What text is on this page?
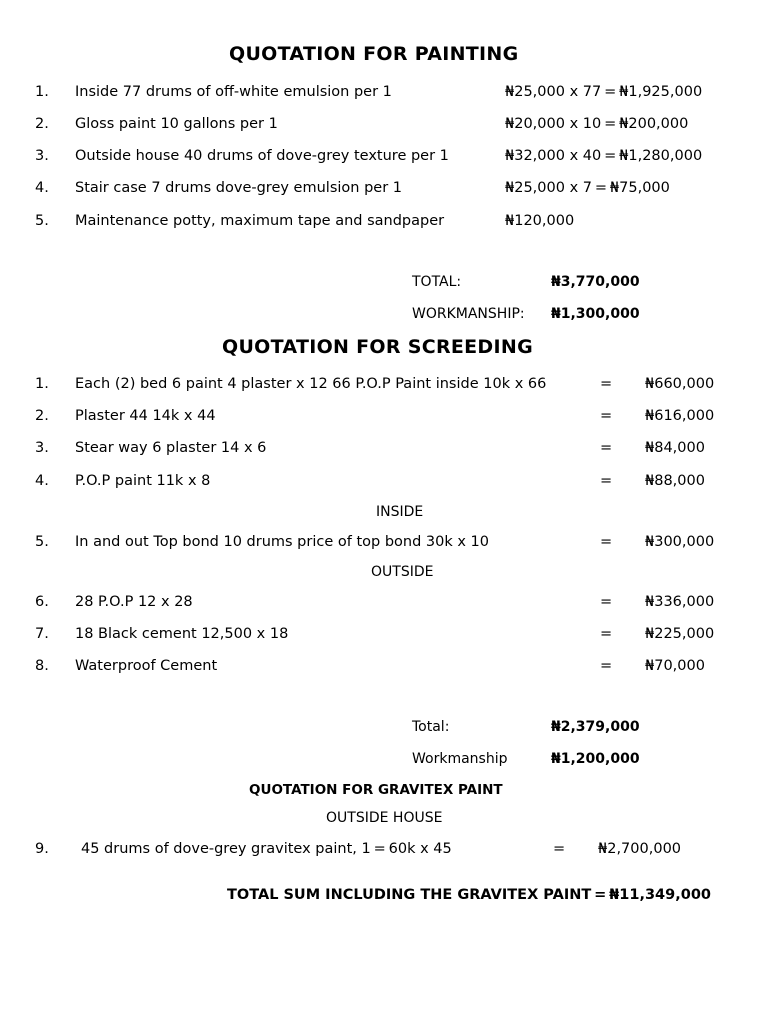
QUOTATION FOR PAINTING
1. Inside 77 drums of off-white emulsion per 1	₦25,000 x 77 = ₦1,925,000
2. Gloss paint 10 gallons per 1	₦20,000 x 10 = ₦200,000
3. Outside house 40 drums of dove-grey texture per 1	₦32,000 x 40 = ₦1,280,000
4. Stair case 7 drums dove-grey emulsion per 1	₦25,000 x 7 = ₦75,000
5. Maintenance potty, maximum tape and sandpaper	₦120,000
TOTAL:	₦3,770,000
WORKMANSHIP: ₦1,300,000
QUOTATION FOR SCREEDING
1. Each (2) bed 6 paint 4 plaster x 12 66 P.O.P Paint inside 10k x 66	= ₦660,000
2. Plaster 44 14k x 44	= ₦616,000
3. Stear way 6 plaster 14 x 6	= ₦84,000
4. P.O.P paint 11k x 8	= ₦88,000
INSIDE
5. In and out Top bond 10 drums price of top bond 30k x 10	= ₦300,000
OUTSIDE
6. 28 P.O.P 12 x 28	= ₦336,000
7. 18 Black cement 12,500 x 18	= ₦225,000
8. Waterproof Cement	= ₦70,000
Total:	₦2,379,000
Workmanship	₦1,200,000
QUOTATION FOR GRAVITEX PAINT
OUTSIDE HOUSE
9. 45 drums of dove-grey gravitex paint, 1 = 60k x 45	= ₦2,700,000
TOTAL SUM INCLUDING THE GRAVITEX PAINT = ₦11,349,000
